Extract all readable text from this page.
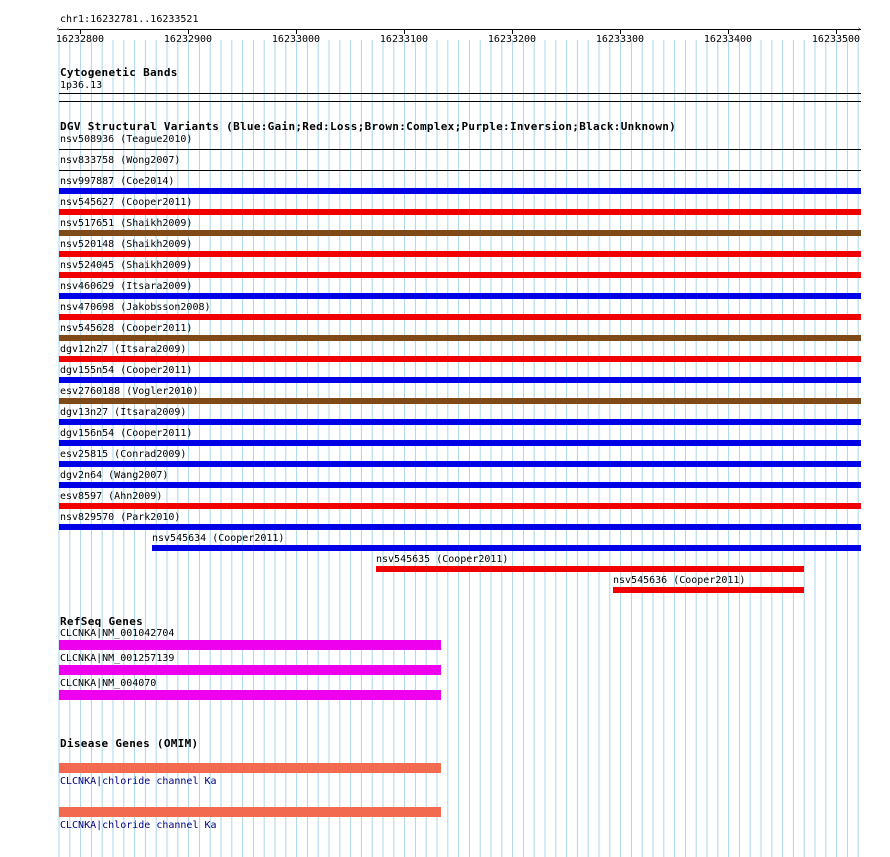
chr1:16232781..16233521
‹	›
16232800	16232900	16233000	16233100	16233200	16233300	16233400	16233500
Cytogenetic Bands
1p36.13
DGV Structural Variants (Blue:Gain;Red:Loss;Brown:Complex;Purple:Inversion;Black:Unknown)
nsv508936 (Teague2010)
nsv833758 (Wong2007)
nsv997887 (Coe2014)
nsv545627 (Cooper2011)
nsv517651 (Shaikh2009)
nsv520148 (Shaikh2009)
nsv524045 (Shaikh2009)
nsv460629 (Itsara2009)
nsv470698 (Jakobsson2008)
nsv545628 (Cooper2011)
dgv12n27 (Itsara2009)
dgv155n54 (Cooper2011)
esv2760188 (Vogler2010)
dgv13n27 (Itsara2009)
dgv156n54 (Cooper2011)
esv25815 (Conrad2009)
dgv2n64 (Wang2007)
esv8597 (Ahn2009)
nsv829570 (Park2010)
nsv545634 (Cooper2011)
nsv545635 (Cooper2011)
nsv545636 (Cooper2011)
RefSeq Genes
CLCNKA|NM_001042704
CLCNKA|NM_001257139
CLCNKA|NM_004070
Disease Genes (OMIM)
CLCNKA|chloride channel Ka
CLCNKA|chloride channel Ka
